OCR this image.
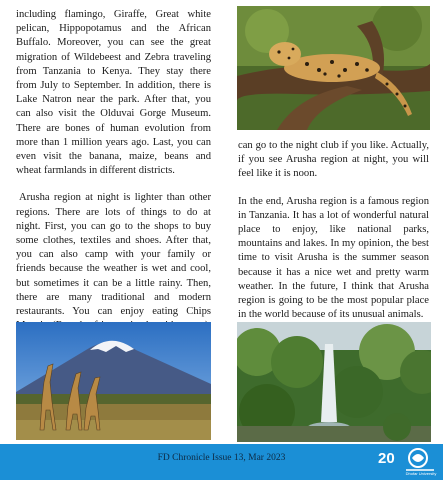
including flamingo, Giraffe, Great white pelican, Hippopotamus and the African Buffalo. Moreover, you can see the great migration of Wildebeest and Zebra traveling from Tanzania to Kenya. They stay there from July to September. In addition, there is Lake Natron near the park. After that, you can also visit the Olduvai Gorge Museum. There are bones of human evolution from more than 1 million years ago. Last, you can even visit the banana, maize, beans and wheat farmlands in different districts.

Arusha region at night is lighter than other regions. There are lots of things to do at night. First, you can go to the shops to buy some clothes, textiles and shoes. After that, you can also camp with your family or friends because the weather is wet and cool, but sometimes it can be a little rainy. Then, there are many traditional and modern restaurants. You can enjoy eating Chips

can go to the night club if you like. Actually, if you see Arusha region at night, you will feel like it is noon.

In the end, Arusha region is a famous region in Tanzania. It has a lot of wonderful natural place to enjoy, like national parks, mountains and lakes. In my opinion, the best time to visit Arusha is the summer season because it has a nice wet and pretty warm weather. In the future, I think that Arusha region is going to be the most popular place in the world because of its unusual animals.

FD Chronicle Issue 13, Mar 2023	20
Dhofar University
